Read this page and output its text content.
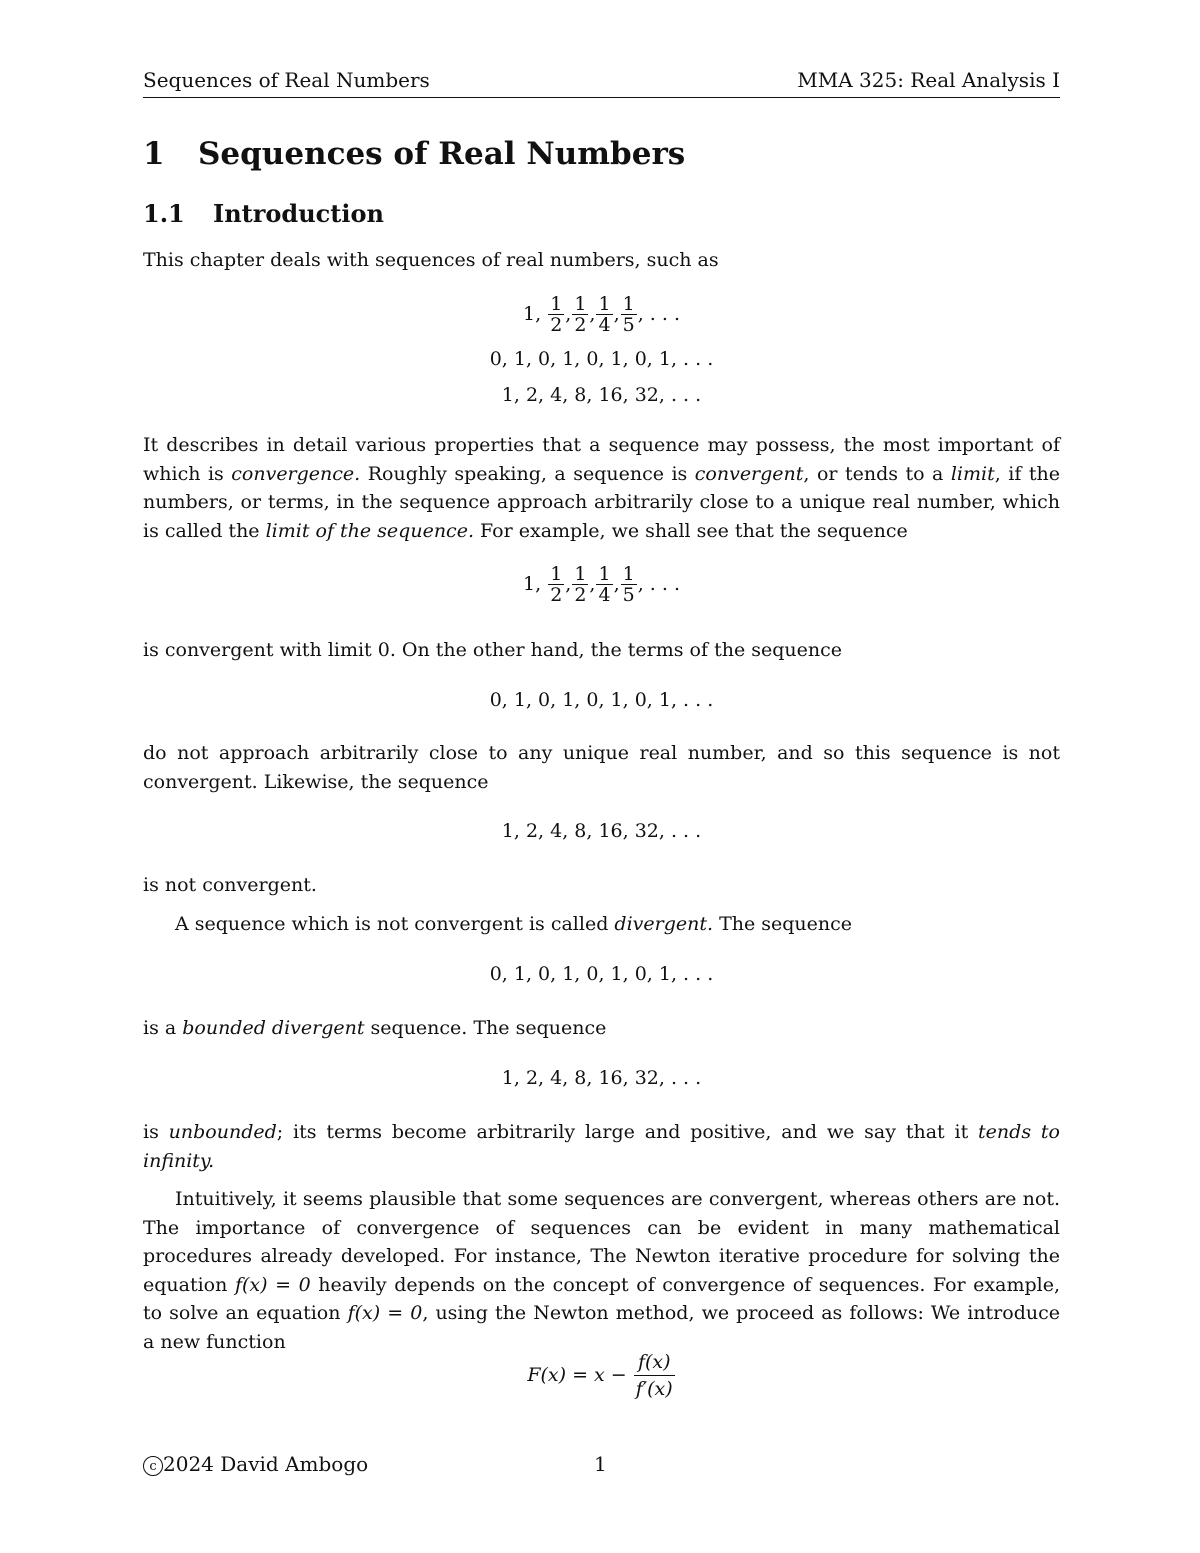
Sequences of Real Numbers	MMA 325: Real Analysis I
1 Sequences of Real Numbers
1.1 Introduction

This chapter deals with sequences of real numbers, such as

1, $\frac{1}{2}$ , $\frac{1}{2}$ , $\frac{1}{4}$ , $\frac{1}{5}$ , . . .
0, 1, 0, 1, 0, 1, 0, 1, . . .
1, 2, 4, 8, 16, 32, . . .

It describes in detail various properties that a sequence may possess, the most important of which is convergence. Roughly speaking, a sequence is convergent, or tends to a limit, if the numbers, or terms, in the sequence approach arbitrarily close to a unique real number, which is called the limit of the sequence. For example, we shall see that the sequence

1, $\frac{1}{2}$ , $\frac{1}{2}$ , $\frac{1}{4}$ , $\frac{1}{5}$ , . . .

is convergent with limit 0. On the other hand, the terms of the sequence

0, 1, 0, 1, 0, 1, 0, 1, . . .

do not approach arbitrarily close to any unique real number, and so this sequence is not convergent. Likewise, the sequence

1, 2, 4, 8, 16, 32, . . .

is not convergent.

A sequence which is not convergent is called divergent. The sequence

0, 1, 0, 1, 0, 1, 0, 1, . . .

is a bounded divergent sequence. The sequence

1, 2, 4, 8, 16, 32, . . .

is unbounded; its terms become arbitrarily large and positive, and we say that it tends to infinity.

Intuitively, it seems plausible that some sequences are convergent, whereas others are not. The importance of convergence of sequences can be evident in many mathematical procedures already developed. For instance, The Newton iterative procedure for solving the equation f(x) = 0 heavily depends on the concept of convergence of sequences. For example, to solve an equation f(x) = 0, using the Newton method, we proceed as follows: We introduce a new function

$F(x) = x - \frac{f(x)}{f'(x)}$
c 2024 David Ambogo	1
